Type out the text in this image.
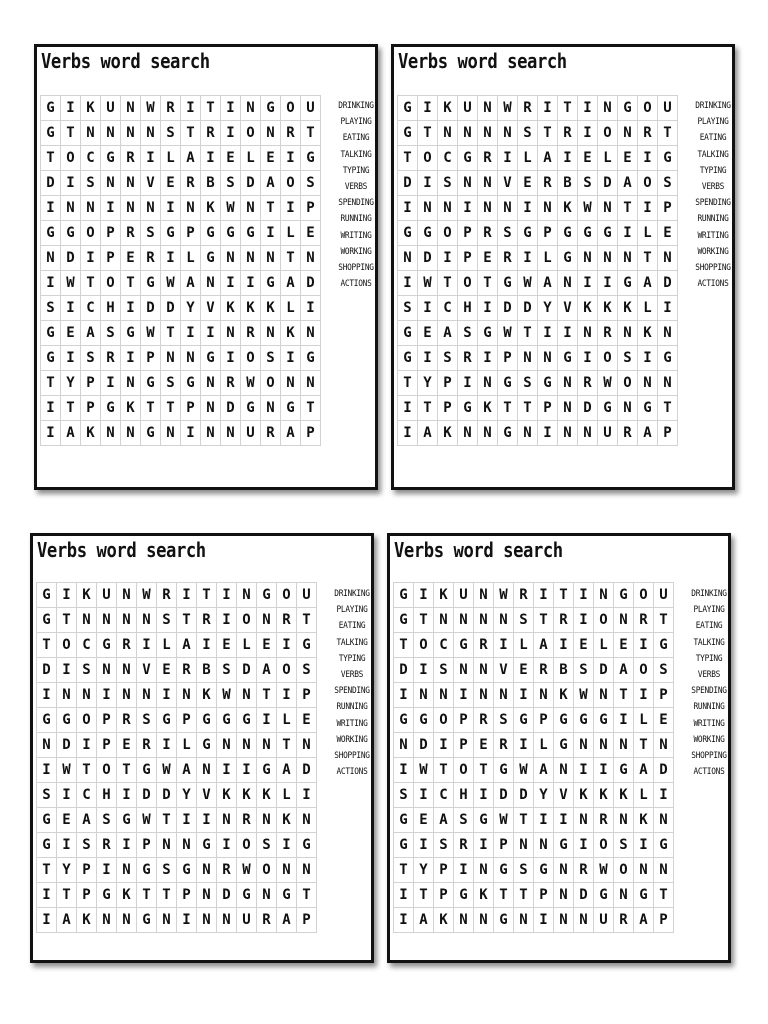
Verbs word search
G	I	K	U	N	W	R	I	T	I	N	G	O	U
G	T	N	N	N	N	S	T	R	I	O	N	R	T
T	O	C	G	R	I	L	A	I	E	L	E	I	G
D	I	S	N	N	V	E	R	B	S	D	A	O	S
I	N	N	I	N	N	I	N	K	W	N	T	I	P
G	G	O	P	R	S	G	P	G	G	G	I	L	E
N	D	I	P	E	R	I	L	G	N	N	N	T	N
I	W	T	O	T	G	W	A	N	I	I	G	A	D
S	I	C	H	I	D	D	Y	V	K	K	K	L	I
G	E	A	S	G	W	T	I	I	N	R	N	K	N
G	I	S	R	I	P	N	N	G	I	O	S	I	G
T	Y	P	I	N	G	S	G	N	R	W	O	N	N
I	T	P	G	K	T	T	P	N	D	G	N	G	T
I	A	K	N	N	G	N	I	N	N	U	R	A	P
DRINKING
PLAYING
EATING
TALKING
TYPING
VERBS
SPENDING
RUNNING
WRITING
WORKING
SHOPPING
ACTIONS
Verbs word search
G	I	K	U	N	W	R	I	T	I	N	G	O	U
G	T	N	N	N	N	S	T	R	I	O	N	R	T
T	O	C	G	R	I	L	A	I	E	L	E	I	G
D	I	S	N	N	V	E	R	B	S	D	A	O	S
I	N	N	I	N	N	I	N	K	W	N	T	I	P
G	G	O	P	R	S	G	P	G	G	G	I	L	E
N	D	I	P	E	R	I	L	G	N	N	N	T	N
I	W	T	O	T	G	W	A	N	I	I	G	A	D
S	I	C	H	I	D	D	Y	V	K	K	K	L	I
G	E	A	S	G	W	T	I	I	N	R	N	K	N
G	I	S	R	I	P	N	N	G	I	O	S	I	G
T	Y	P	I	N	G	S	G	N	R	W	O	N	N
I	T	P	G	K	T	T	P	N	D	G	N	G	T
I	A	K	N	N	G	N	I	N	N	U	R	A	P
DRINKING
PLAYING
EATING
TALKING
TYPING
VERBS
SPENDING
RUNNING
WRITING
WORKING
SHOPPING
ACTIONS
Verbs word search
G	I	K	U	N	W	R	I	T	I	N	G	O	U
G	T	N	N	N	N	S	T	R	I	O	N	R	T
T	O	C	G	R	I	L	A	I	E	L	E	I	G
D	I	S	N	N	V	E	R	B	S	D	A	O	S
I	N	N	I	N	N	I	N	K	W	N	T	I	P
G	G	O	P	R	S	G	P	G	G	G	I	L	E
N	D	I	P	E	R	I	L	G	N	N	N	T	N
I	W	T	O	T	G	W	A	N	I	I	G	A	D
S	I	C	H	I	D	D	Y	V	K	K	K	L	I
G	E	A	S	G	W	T	I	I	N	R	N	K	N
G	I	S	R	I	P	N	N	G	I	O	S	I	G
T	Y	P	I	N	G	S	G	N	R	W	O	N	N
I	T	P	G	K	T	T	P	N	D	G	N	G	T
I	A	K	N	N	G	N	I	N	N	U	R	A	P
DRINKING
PLAYING
EATING
TALKING
TYPING
VERBS
SPENDING
RUNNING
WRITING
WORKING
SHOPPING
ACTIONS
Verbs word search
G	I	K	U	N	W	R	I	T	I	N	G	O	U
G	T	N	N	N	N	S	T	R	I	O	N	R	T
T	O	C	G	R	I	L	A	I	E	L	E	I	G
D	I	S	N	N	V	E	R	B	S	D	A	O	S
I	N	N	I	N	N	I	N	K	W	N	T	I	P
G	G	O	P	R	S	G	P	G	G	G	I	L	E
N	D	I	P	E	R	I	L	G	N	N	N	T	N
I	W	T	O	T	G	W	A	N	I	I	G	A	D
S	I	C	H	I	D	D	Y	V	K	K	K	L	I
G	E	A	S	G	W	T	I	I	N	R	N	K	N
G	I	S	R	I	P	N	N	G	I	O	S	I	G
T	Y	P	I	N	G	S	G	N	R	W	O	N	N
I	T	P	G	K	T	T	P	N	D	G	N	G	T
I	A	K	N	N	G	N	I	N	N	U	R	A	P
DRINKING
PLAYING
EATING
TALKING
TYPING
VERBS
SPENDING
RUNNING
WRITING
WORKING
SHOPPING
ACTIONS
